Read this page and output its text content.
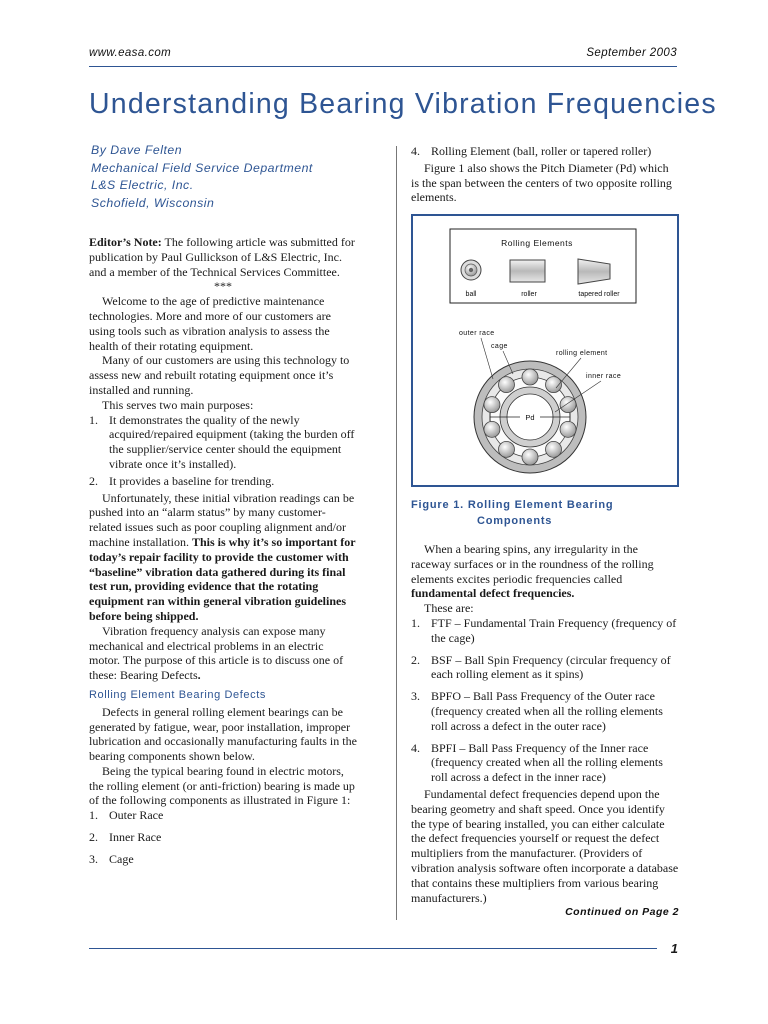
www.easa.com	September 2003
Understanding Bearing Vibration Frequencies
By Dave Felten
Mechanical Field Service Department
L&S Electric, Inc.
Schofield, Wisconsin

Editor’s Note: The following article was submitted for publication by Paul Gullickson of L&S Electric, Inc. and a member of the Technical Services Committee.

***

Welcome to the age of predictive maintenance technologies. More and more of our customers are using tools such as vibration analysis to assess the health of their rotating equipment.

Many of our customers are using this technology to assess new and rebuilt rotating equipment once it’s installed and running.

This serves two main purposes:

1. It demonstrates the quality of the newly acquired/repaired equipment (taking the burden off the supplier/service center should the equipment vibrate once it’s installed).
2. It provides a baseline for trending.

Unfortunately, these initial vibration readings can be pushed into an “alarm status” by many customer-related issues such as poor coupling alignment and/or machine installation. This is why it’s so important for today’s repair facility to provide the customer with “baseline” vibration data gathered during its final test run, providing evidence that the rotating equipment ran within general vibration guidelines before being shipped.

Vibration frequency analysis can expose many mechanical and electrical problems in an electric motor. The purpose of this article is to discuss one of these: Bearing Defects.

Rolling Element Bearing Defects

Defects in general rolling element bearings can be generated by fatigue, wear, poor installation, improper lubrication and occasionally manufacturing faults in the bearing components shown below.

Being the typical bearing found in electric motors, the rolling element (or anti-friction) bearing is made up of the following components as illustrated in Figure 1:

1. Outer Race
2. Inner Race
3. Cage
4. Rolling Element (ball, roller or tapered roller)

Figure 1 also shows the Pitch Diameter (Pd) which is the span between the centers of two opposite rolling elements.

Rolling Elements
ball	roller	tapered roller
Pd
outer race
cage
rolling element
inner race
Figure 1. Rolling Element Bearing
Components

When a bearing spins, any irregularity in the raceway surfaces or in the roundness of the rolling elements excites periodic frequencies called fundamental defect frequencies.

These are:

1. FTF – Fundamental Train Frequency (frequency of the cage)
2. BSF – Ball Spin Frequency (circular frequency of each rolling element as it spins)
3. BPFO – Ball Pass Frequency of the Outer race (frequency created when all the rolling elements roll across a defect in the outer race)
4. BPFI – Ball Pass Frequency of the Inner race (frequency created when all the rolling elements roll across a defect in the inner race)

Fundamental defect frequencies depend upon the bearing geometry and shaft speed. Once you identify the type of bearing installed, you can either calculate the defect frequencies yourself or request the defect multipliers from the manufacturer. (Providers of vibration analysis software often incorporate a database that contains these multipliers from various bearing manufacturers.)

Continued on Page 2
1
